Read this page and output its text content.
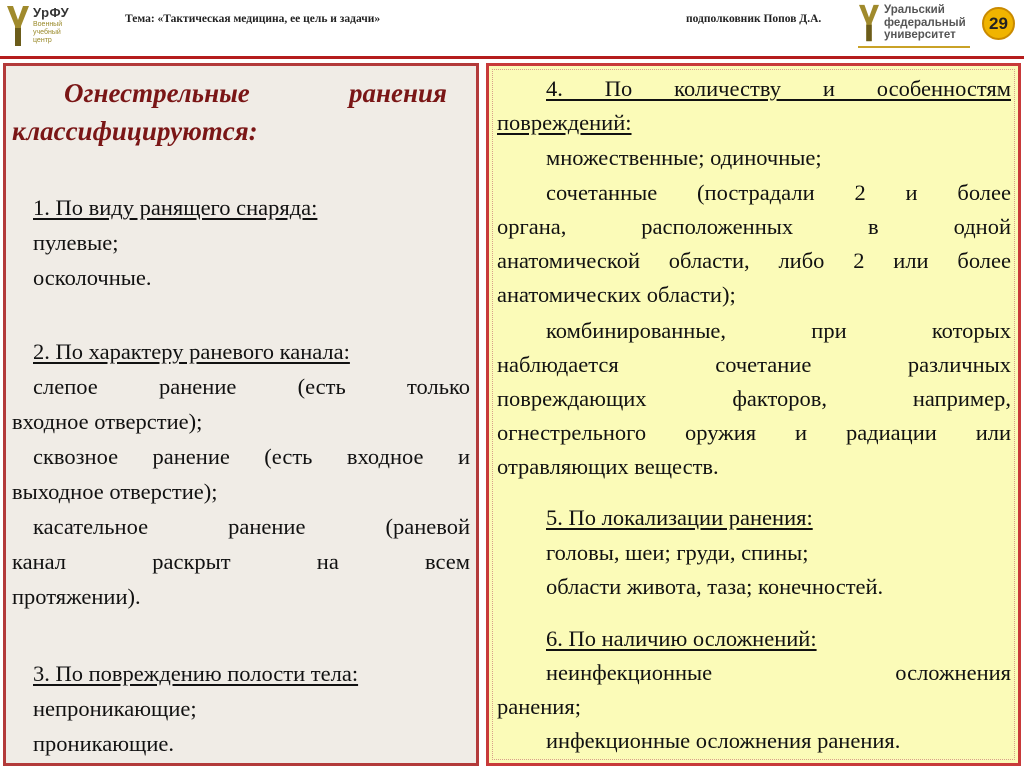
УрФУ
Военный
учебный
центр
Тема: «Тактическая медицина, ее цель и задачи»	подполковник Попов Д.А.
Уральский
федеральный
университет
29
Огнестрельные	ранения
классифицируются:
1. По виду ранящего снаряда:
пулевые;
осколочные.
2. По характеру раневого канала:
слепое ранение (есть только
входное отверстие);
сквозное ранение (есть входное и
выходное отверстие);
касательное ранение (раневой
канал раскрыт на всем
протяжении).
3. По повреждению полости тела:
непроникающие;
проникающие.
4. По количеству и особенностям
повреждений:
множественные; одиночные;
сочетанные (пострадали 2 и более
органа, расположенных в одной
анатомической области, либо 2 или более
анатомических области);
комбинированные, при которых
наблюдается сочетание различных
повреждающих факторов, например,
огнестрельного оружия и радиации или
отравляющих веществ.
5. По локализации ранения:
головы, шеи; груди, спины;
области живота, таза; конечностей.
6. По наличию осложнений:
неинфекционные осложнения
ранения;
инфекционные осложнения ранения.
